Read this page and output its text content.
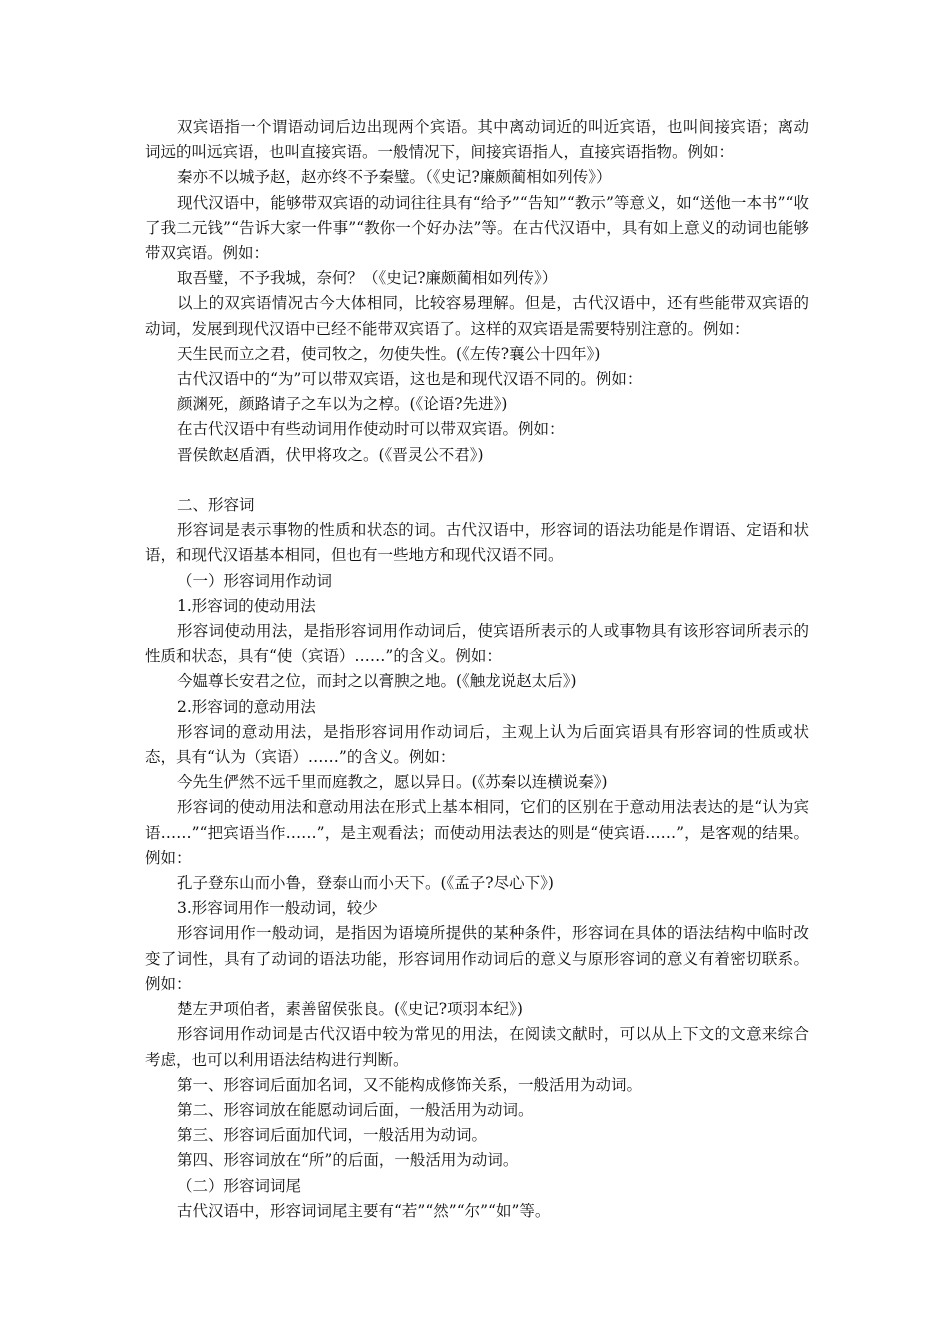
双宾语指一个谓语动词后边出现两个宾语。其中离动词近的叫近宾语，也叫间接宾语；离动词远的叫远宾语，也叫直接宾语。一般情况下，间接宾语指人，直接宾语指物。例如：

秦亦不以城予赵，赵亦终不予秦璧。（《史记?廉颇蔺相如列传》）

现代汉语中，能够带双宾语的动词往往具有“给予”“告知”“教示”等意义，如“送他一本书”“收了我二元钱”“告诉大家一件事”“教你一个好办法”等。在古代汉语中，具有如上意义的动词也能够带双宾语。例如：

取吾璧，不予我城，奈何？（《史记?廉颇蔺相如列传》）

以上的双宾语情况古今大体相同，比较容易理解。但是，古代汉语中，还有些能带双宾语的动词，发展到现代汉语中已经不能带双宾语了。这样的双宾语是需要特别注意的。例如：

天生民而立之君，使司牧之，勿使失性。(《左传?襄公十四年》)

古代汉语中的“为”可以带双宾语，这也是和现代汉语不同的。例如：

颜渊死，颜路请子之车以为之椁。(《论语?先进》)

在古代汉语中有些动词用作使动时可以带双宾语。例如：

晋侯飲赵盾酒，伏甲将攻之。(《晋灵公不君》)

二、形容词

形容词是表示事物的性质和状态的词。古代汉语中，形容词的语法功能是作谓语、定语和状语，和现代汉语基本相同，但也有一些地方和现代汉语不同。

（一）形容词用作动词

1.形容词的使动用法

形容词使动用法，是指形容词用作动词后，使宾语所表示的人或事物具有该形容词所表示的性质和状态，具有“使（宾语）……”的含义。例如：

今媪尊长安君之位，而封之以膏腴之地。(《触龙说赵太后》)

2.形容词的意动用法

形容词的意动用法，是指形容词用作动词后，主观上认为后面宾语具有形容词的性质或状态，具有“认为（宾语）……”的含义。例如：

今先生俨然不远千里而庭教之，愿以异日。(《苏秦以连横说秦》)

形容词的使动用法和意动用法在形式上基本相同，它们的区别在于意动用法表达的是“认为宾语……”“把宾语当作……”，是主观看法；而使动用法表达的则是“使宾语……”，是客观的结果。例如：

孔子登东山而小鲁，登泰山而小天下。(《孟子?尽心下》)

3.形容词用作一般动词，较少

形容词用作一般动词，是指因为语境所提供的某种条件，形容词在具体的语法结构中临时改变了词性，具有了动词的语法功能，形容词用作动词后的意义与原形容词的意义有着密切联系。例如：

楚左尹项伯者，素善留侯张良。(《史记?项羽本纪》)

形容词用作动词是古代汉语中较为常见的用法，在阅读文献时，可以从上下文的文意来综合考虑，也可以利用语法结构进行判断。

第一、形容词后面加名词，又不能构成修饰关系，一般活用为动词。

第二、形容词放在能愿动词后面，一般活用为动词。

第三、形容词后面加代词，一般活用为动词。

第四、形容词放在“所”的后面，一般活用为动词。

（二）形容词词尾

古代汉语中，形容词词尾主要有“若”“然”“尔”“如”等。
